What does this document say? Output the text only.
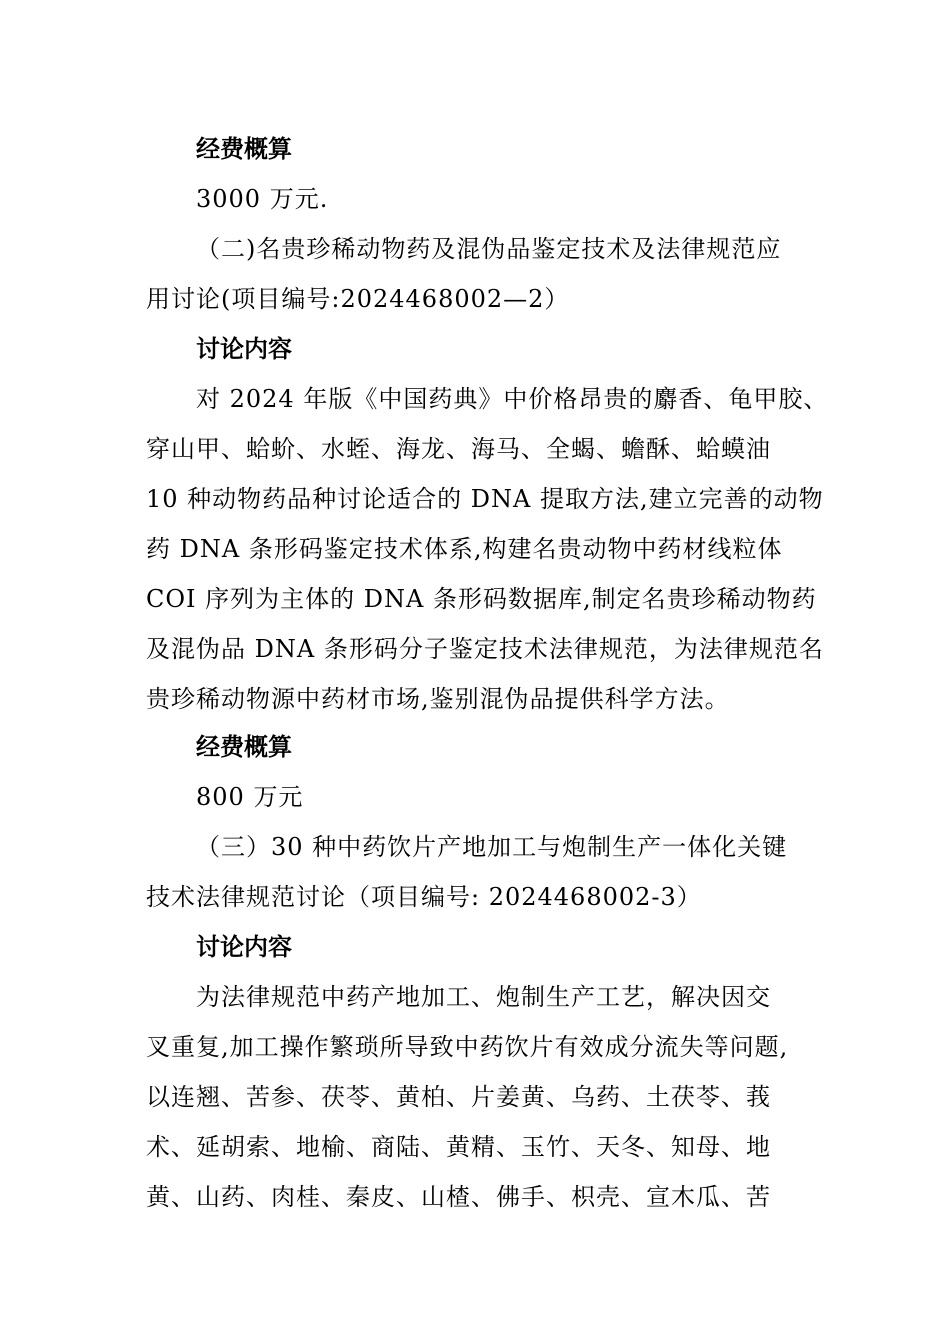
经费概算
3000 万元.
（二)名贵珍稀动物药及混伪品鉴定技术及法律规范应
用讨论(项目编号:2024468002—2）
讨论内容
对 2024 年版《中国药典》中价格昂贵的麝香、龟甲胶、
穿山甲、蛤蚧、水蛭、海龙、海马、全蝎、蟾酥、蛤蟆油
10 种动物药品种讨论适合的 DNA 提取方法,建立完善的动物
药 DNA 条形码鉴定技术体系,构建名贵动物中药材线粒体
COI 序列为主体的 DNA 条形码数据库,制定名贵珍稀动物药
及混伪品 DNA 条形码分子鉴定技术法律规范，为法律规范名
贵珍稀动物源中药材市场,鉴别混伪品提供科学方法。
经费概算
800 万元
（三）30 种中药饮片产地加工与炮制生产一体化关键
技术法律规范讨论（项目编号: 2024468002-3）
讨论内容
为法律规范中药产地加工、炮制生产工艺，解决因交
叉重复,加工操作繁琐所导致中药饮片有效成分流失等问题,
以连翘、苦参、茯苓、黄柏、片姜黄、乌药、土茯苓、莪
术、延胡索、地榆、商陆、黄精、玉竹、天冬、知母、地
黄、山药、肉桂、秦皮、山楂、佛手、枳壳、宣木瓜、苦
